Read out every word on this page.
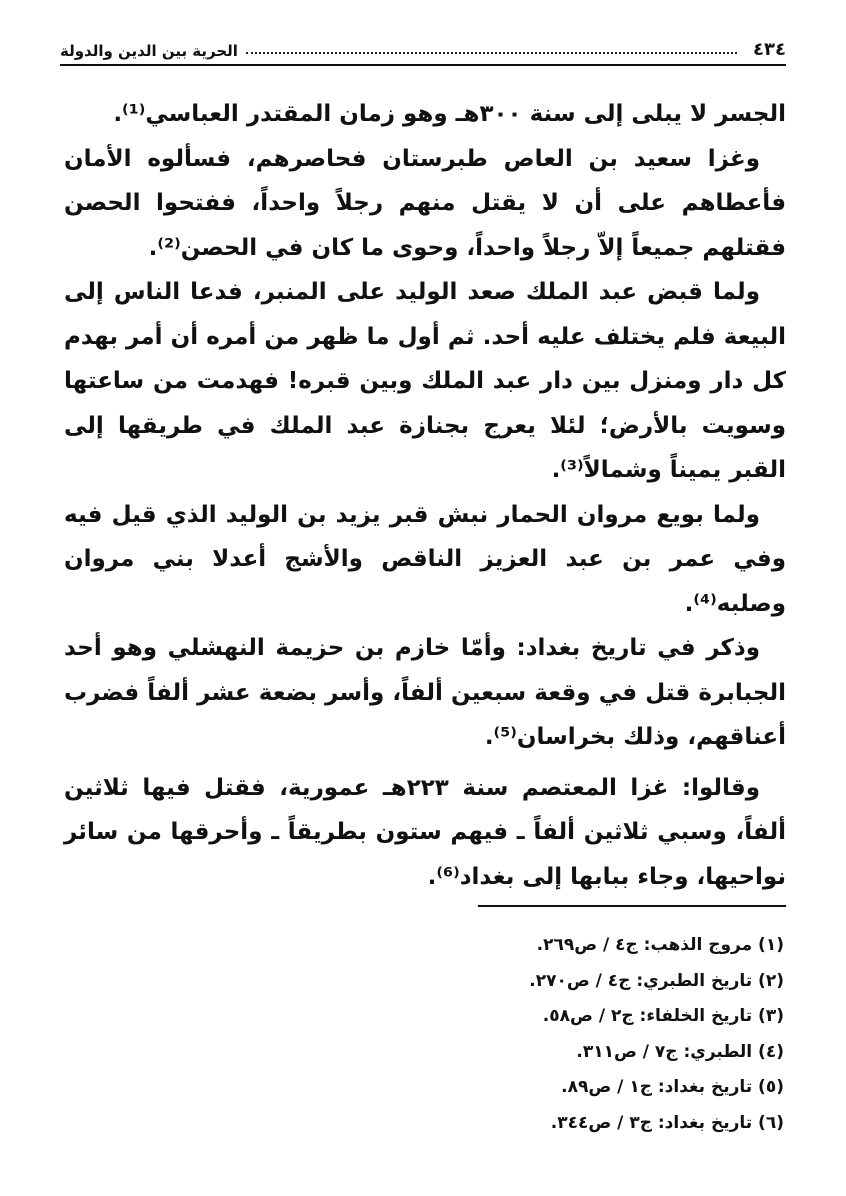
٤٣٤
الحرية بين الدين والدولة

الجسر لا يبلى إلى سنة ٣٠٠هـ وهو زمان المقتدر العباسي⁽¹⁾.

وغزا سعيد بن العاص طبرستان فحاصرهم، فسألوه الأمان فأعطاهم على أن لا يقتل منهم رجلاً واحداً، ففتحوا الحصن فقتلهم جميعاً إلاّ رجلاً واحداً، وحوى ما كان في الحصن⁽²⁾.

ولما قبض عبد الملك صعد الوليد على المنبر، فدعا الناس إلى البيعة فلم يختلف عليه أحد. ثم أول ما ظهر من أمره أن أمر بهدم كل دار ومنزل بين دار عبد الملك وبين قبره! فهدمت من ساعتها وسويت بالأرض؛ لئلا يعرج بجنازة عبد الملك في طريقها إلى القبر يميناً وشمالاً⁽³⁾.

ولما بويع مروان الحمار نبش قبر يزيد بن الوليد الذي قيل فيه وفي عمر بن عبد العزيز الناقص والأشج أعدلا بني مروان وصلبه⁽⁴⁾.

وذكر في تاريخ بغداد: وأمّا خازم بن حزيمة النهشلي وهو أحد الجبابرة قتل في وقعة سبعين ألفاً، وأسر بضعة عشر ألفاً فضرب أعناقهم، وذلك بخراسان⁽⁵⁾.

وقالوا: غزا المعتصم سنة ٢٢٣هـ عمورية، فقتل فيها ثلاثين ألفاً، وسبي ثلاثين ألفاً ـ فيهم ستون بطريقاً ـ وأحرقها من سائر نواحيها، وجاء ببابها إلى بغداد⁽⁶⁾.

(١) مروج الذهب: ج٤ / ص٢٦٩.
(٢) تاريخ الطبري: ج٤ / ص٢٧٠.
(٣) تاريخ الخلفاء: ج٢ / ص٥٨.
(٤) الطبري: ج٧ / ص٣١١.
(٥) تاريخ بغداد: ج١ / ص٨٩.
(٦) تاريخ بغداد: ج٣ / ص٣٤٤.
